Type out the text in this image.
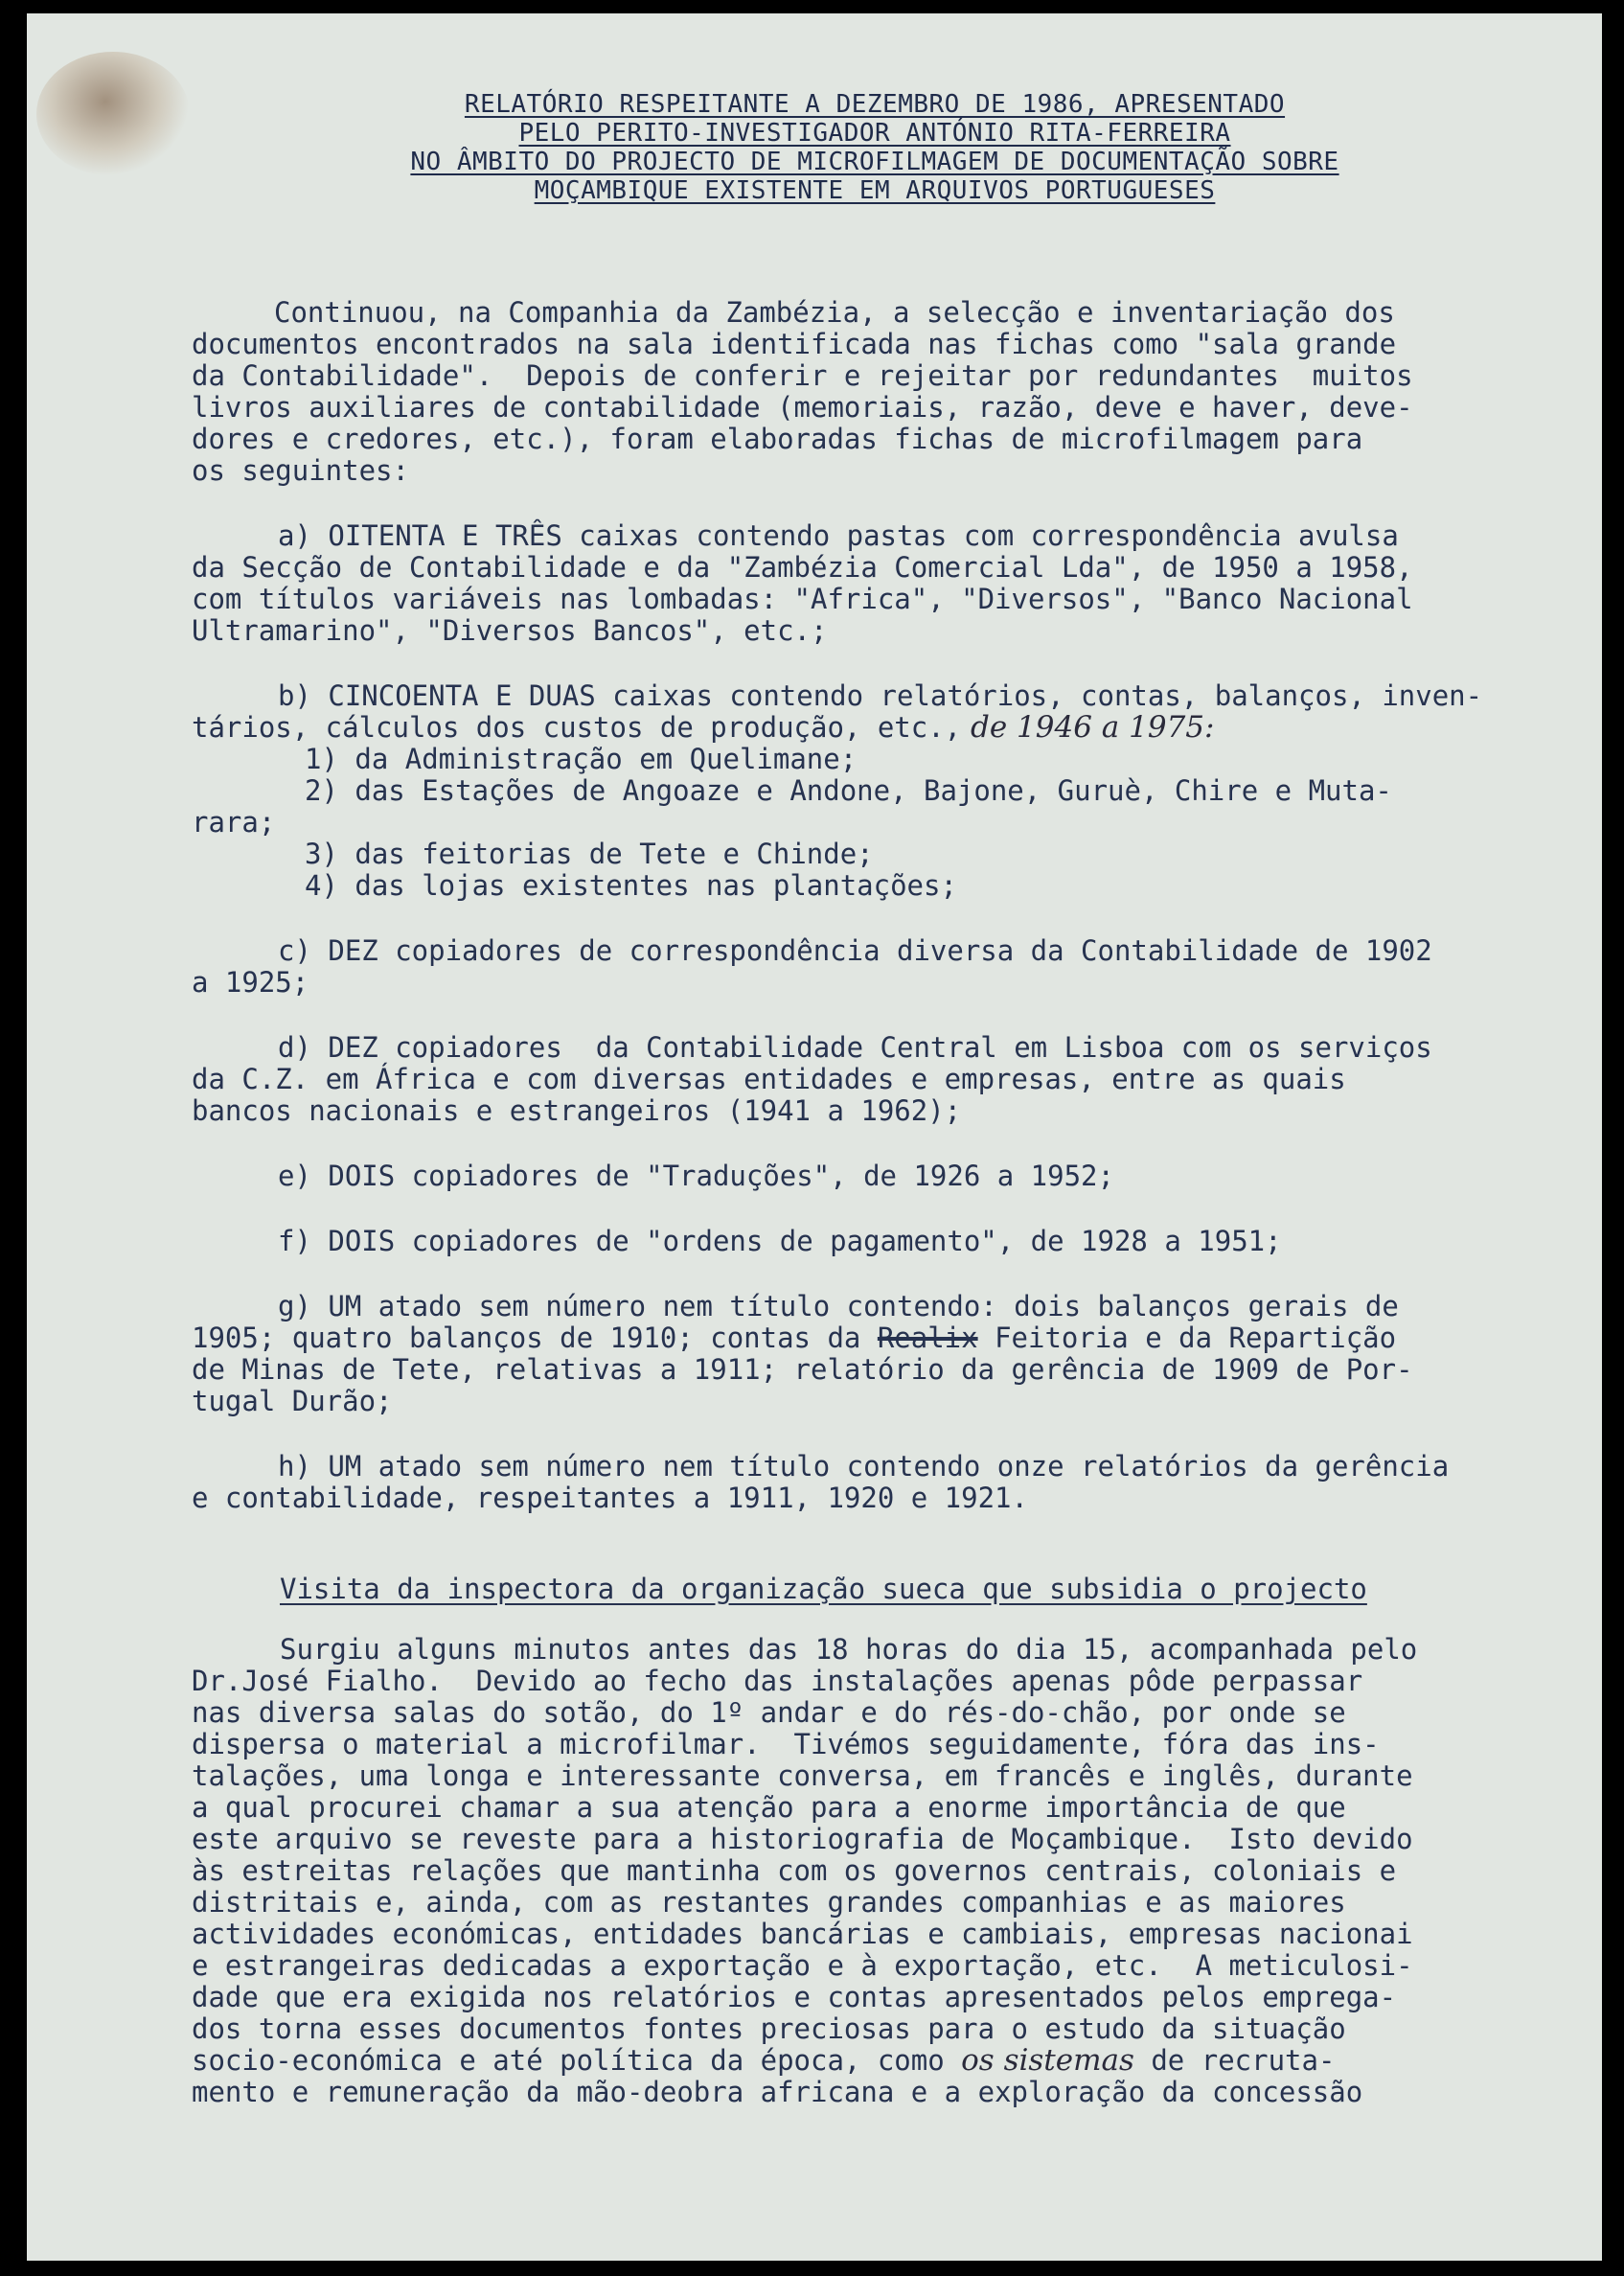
RELATÓRIO RESPEITANTE A DEZEMBRO DE 1986, APRESENTADO
PELO PERITO-INVESTIGADOR ANTÓNIO RITA-FERREIRA
NO ÂMBITO DO PROJECTO DE MICROFILMAGEM DE DOCUMENTAÇÃO SOBRE
MOÇAMBIQUE EXISTENTE EM ARQUIVOS PORTUGUESES
Continuou, na Companhia da Zambézia, a selecção e inventariação dos
documentos encontrados na sala identificada nas fichas como "sala grande
da Contabilidade".  Depois de conferir e rejeitar por redundantes  muitos
livros auxiliares de contabilidade (memoriais, razão, deve e haver, deve-
dores e credores, etc.), foram elaboradas fichas de microfilmagem para
os seguintes:
a) OITENTA E TRÊS caixas contendo pastas com correspondência avulsa
da Secção de Contabilidade e da "Zambézia Comercial Lda", de 1950 a 1958,
com títulos variáveis nas lombadas: "Africa", "Diversos", "Banco Nacional
Ultramarino", "Diversos Bancos", etc.;
b) CINCOENTA E DUAS caixas contendo relatórios, contas, balanços, inven-
tários, cálculos dos custos de produção, etc., de 1946 a 1975:
1) da Administração em Quelimane;
2) das Estações de Angoaze e Andone, Bajone, Guruè, Chire e Muta-
rara;
3) das feitorias de Tete e Chinde;
4) das lojas existentes nas plantações;
c) DEZ copiadores de correspondência diversa da Contabilidade de 1902
a 1925;
d) DEZ copiadores  da Contabilidade Central em Lisboa com os serviços
da C.Z. em África e com diversas entidades e empresas, entre as quais
bancos nacionais e estrangeiros (1941 a 1962);
e) DOIS copiadores de "Traduções", de 1926 a 1952;
f) DOIS copiadores de "ordens de pagamento", de 1928 a 1951;
g) UM atado sem número nem título contendo: dois balanços gerais de
1905; quatro balanços de 1910; contas da Realix Feitoria e da Repartição
de Minas de Tete, relativas a 1911; relatório da gerência de 1909 de Por-
tugal Durão;
h) UM atado sem número nem título contendo onze relatórios da gerência
e contabilidade, respeitantes a 1911, 1920 e 1921.
Visita da inspectora da organização sueca que subsidia o projecto
Surgiu alguns minutos antes das 18 horas do dia 15, acompanhada pelo
Dr.José Fialho.  Devido ao fecho das instalações apenas pôde perpassar
nas diversa salas do sotão, do 1º andar e do rés-do-chão, por onde se
dispersa o material a microfilmar.  Tivémos seguidamente, fóra das ins-
talações, uma longa e interessante conversa, em francês e inglês, durante
a qual procurei chamar a sua atenção para a enorme importância de que
este arquivo se reveste para a historiografia de Moçambique.  Isto devido
às estreitas relações que mantinha com os governos centrais, coloniais e
distritais e, ainda, com as restantes grandes companhias e as maiores
actividades económicas, entidades bancárias e cambiais, empresas nacionai
e estrangeiras dedicadas a exportação e à exportação, etc.  A meticulosi-
dade que era exigida nos relatórios e contas apresentados pelos emprega-
dos torna esses documentos fontes preciosas para o estudo da situação
socio-económica e até política da época, como os sistemas de recruta-
mento e remuneração da mão-deobra africana e a exploração da concessão
